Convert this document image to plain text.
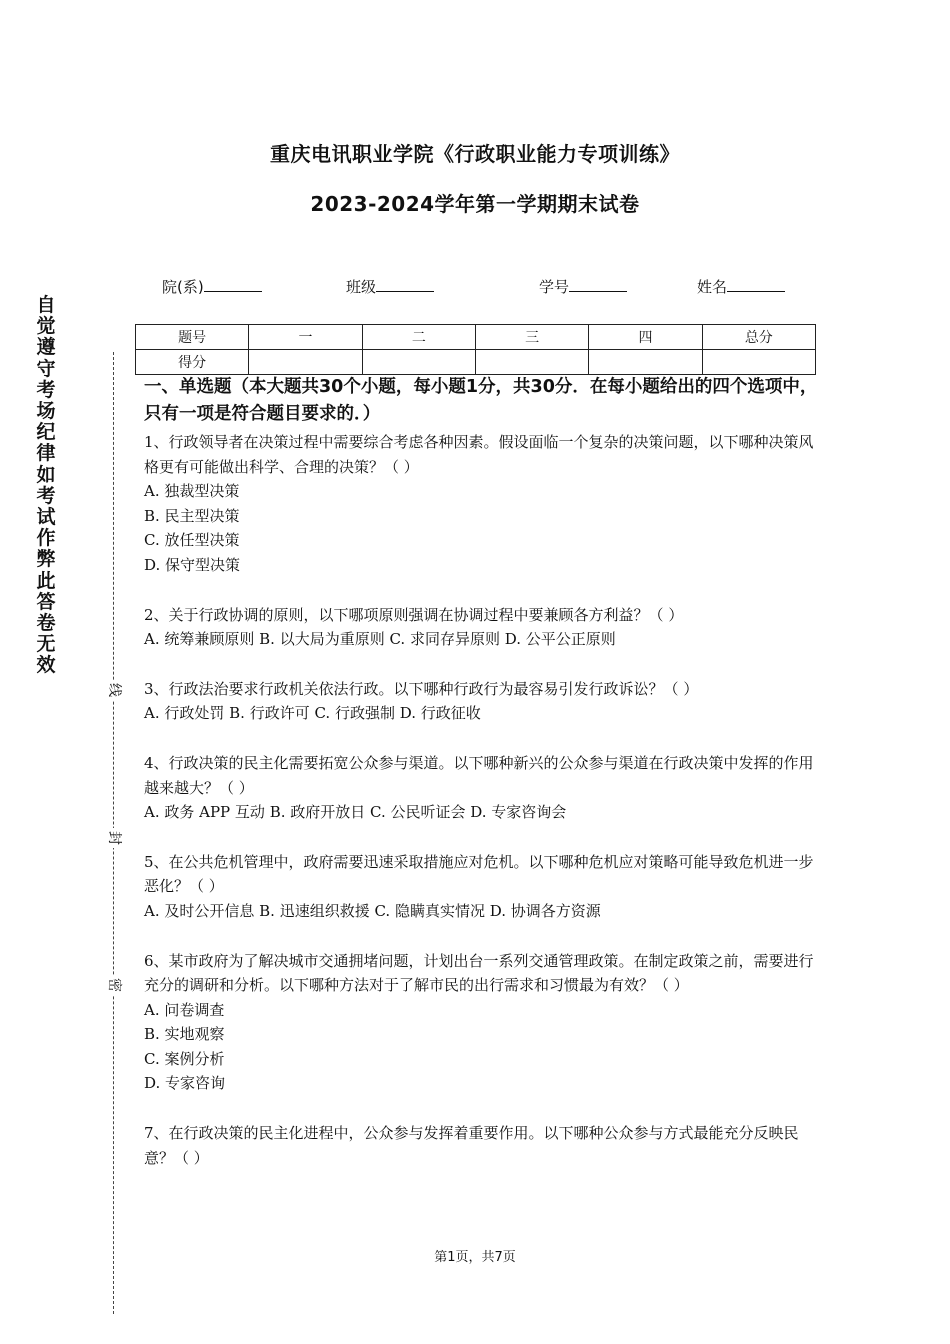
重庆电讯职业学院《行政职业能力专项训练》
2023-2024学年第一学期期末试卷
院(系)	班级	学号	姓名
题号	一	二	三	四	总分
得分					
自觉遵守考场纪律如考试作弊此答卷无效
线
封
密
一、单选题（本大题共30个小题，每小题1分，共30分．在每小题给出的四个选项中，只有一项是符合题目要求的．）

1、行政领导者在决策过程中需要综合考虑各种因素。假设面临一个复杂的决策问题，以下哪种决策风格更有可能做出科学、合理的决策？（ ）

A. 独裁型决策

B. 民主型决策

C. 放任型决策

D. 保守型决策

2、关于行政协调的原则，以下哪项原则强调在协调过程中要兼顾各方利益？（ ）

A. 统筹兼顾原则 B. 以大局为重原则 C. 求同存异原则 D. 公平公正原则

3、行政法治要求行政机关依法行政。以下哪种行政行为最容易引发行政诉讼？（ ）

A. 行政处罚 B. 行政许可 C. 行政强制 D. 行政征收

4、行政决策的民主化需要拓宽公众参与渠道。以下哪种新兴的公众参与渠道在行政决策中发挥的作用越来越大？（ ）

A. 政务 APP 互动 B. 政府开放日 C. 公民听证会 D. 专家咨询会

5、在公共危机管理中，政府需要迅速采取措施应对危机。以下哪种危机应对策略可能导致危机进一步恶化？（ ）

A. 及时公开信息 B. 迅速组织救援 C. 隐瞒真实情况 D. 协调各方资源

6、某市政府为了解决城市交通拥堵问题，计划出台一系列交通管理政策。在制定政策之前，需要进行充分的调研和分析。以下哪种方法对于了解市民的出行需求和习惯最为有效？（ ）

A. 问卷调查

B. 实地观察

C. 案例分析

D. 专家咨询

7、在行政决策的民主化进程中，公众参与发挥着重要作用。以下哪种公众参与方式最能充分反映民意？（ ）

第1页，共7页
